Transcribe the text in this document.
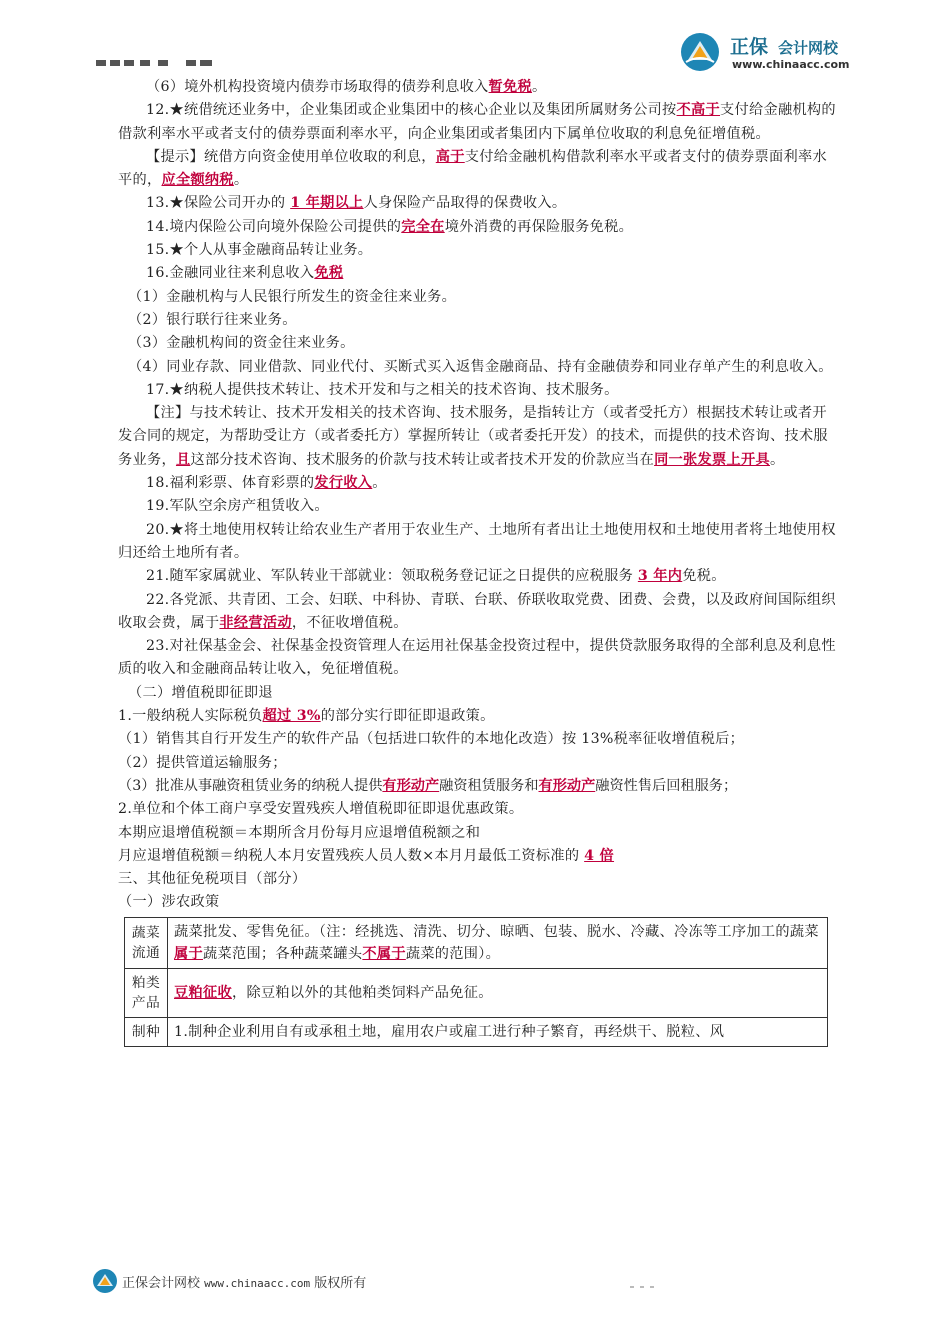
正保 会计网校
www.chinaacc.com

（6）境外机构投资境内债券市场取得的债券利息收入暂免税。

12.★统借统还业务中，企业集团或企业集团中的核心企业以及集团所属财务公司按不高于支付给金融机构的借款利率水平或者支付的债券票面利率水平，向企业集团或者集团内下属单位收取的利息免征增值税。

【提示】统借方向资金使用单位收取的利息，高于支付给金融机构借款利率水平或者支付的债券票面利率水平的，应全额纳税。

13.★保险公司开办的 1 年期以上人身保险产品取得的保费收入。

14.境内保险公司向境外保险公司提供的完全在境外消费的再保险服务免税。

15.★个人从事金融商品转让业务。

16.金融同业往来利息收入免税

（1）金融机构与人民银行所发生的资金往来业务。

（2）银行联行往来业务。

（3）金融机构间的资金往来业务。

（4）同业存款、同业借款、同业代付、买断式买入返售金融商品、持有金融债券和同业存单产生的利息收入。

17.★纳税人提供技术转让、技术开发和与之相关的技术咨询、技术服务。

【注】与技术转让、技术开发相关的技术咨询、技术服务，是指转让方（或者受托方）根据技术转让或者开发合同的规定，为帮助受让方（或者委托方）掌握所转让（或者委托开发）的技术，而提供的技术咨询、技术服务业务，且这部分技术咨询、技术服务的价款与技术转让或者技术开发的价款应当在同一张发票上开具。

18.福利彩票、体育彩票的发行收入。

19.军队空余房产租赁收入。

20.★将土地使用权转让给农业生产者用于农业生产、土地所有者出让土地使用权和土地使用者将土地使用权归还给土地所有者。

21.随军家属就业、军队转业干部就业：领取税务登记证之日提供的应税服务 3 年内免税。

22.各党派、共青团、工会、妇联、中科协、青联、台联、侨联收取党费、团费、会费，以及政府间国际组织收取会费，属于非经营活动，不征收增值税。

23.对社保基金会、社保基金投资管理人在运用社保基金投资过程中，提供贷款服务取得的全部利息及利息性质的收入和金融商品转让收入，免征增值税。

（二）增值税即征即退

1.一般纳税人实际税负超过 3%的部分实行即征即退政策。

（1）销售其自行开发生产的软件产品（包括进口软件的本地化改造）按 13%税率征收增值税后；

（2）提供管道运输服务；

（3）批准从事融资租赁业务的纳税人提供有形动产融资租赁服务和有形动产融资性售后回租服务；

2.单位和个体工商户享受安置残疾人增值税即征即退优惠政策。

本期应退增值税额＝本期所含月份每月应退增值税额之和

月应退增值税额＝纳税人本月安置残疾人员人数×本月月最低工资标准的 4 倍

三、其他征免税项目（部分）

（一）涉农政策

蔬菜流通	蔬菜批发、零售免征。（注：经挑选、清洗、切分、晾晒、包装、脱水、冷藏、冷冻等工序加工的蔬菜属于蔬菜范围；各种蔬菜罐头不属于蔬菜的范围）。
粕类产品	豆粕征收，除豆粕以外的其他粕类饲料产品免征。
制种	1.制种企业利用自有或承租土地，雇用农户或雇工进行种子繁育，再经烘干、脱粒、风
正保会计网校 www.chinaacc.com 版权所有
